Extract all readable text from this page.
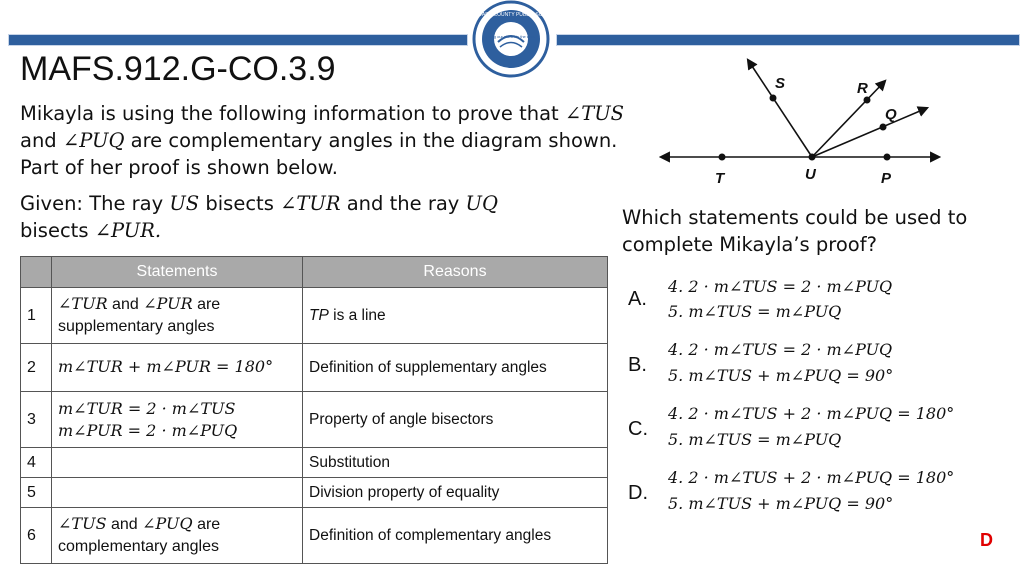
MIAMI-DADE COUNTY PUBLIC SCHOOLS
giving our students the world
MAFS.912.G-CO.3.9
Mikayla is using the following information to prove that ∠TUS and ∠PUQ are complementary angles in the diagram shown. Part of her proof is shown below.
Given: The ray US bisects ∠TUR and the ray UQ
bisects ∠PUR.
	Statements	Reasons
1	∠TUR and ∠PUR are supplementary angles	TP is a line
2	m∠TUR + m∠PUR = 180°	Definition of supplementary angles
3	m∠TUR = 2 · m∠TUS
m∠PUR = 2 · m∠PUQ	Property of angle bisectors
4		Substitution
5		Division property of equality
6	∠TUS and ∠PUQ are complementary angles	Definition of complementary angles
S	R
Q
T	U	P
Which statements could be used to complete Mikayla’s proof?
A.
4. 2 · m∠TUS = 2 · m∠PUQ
5. m∠TUS = m∠PUQ
B.
4. 2 · m∠TUS = 2 · m∠PUQ
5. m∠TUS + m∠PUQ = 90°
C.
4. 2 · m∠TUS + 2 · m∠PUQ = 180°
5. m∠TUS = m∠PUQ
D.
4. 2 · m∠TUS + 2 · m∠PUQ = 180°
5. m∠TUS + m∠PUQ = 90°
D
